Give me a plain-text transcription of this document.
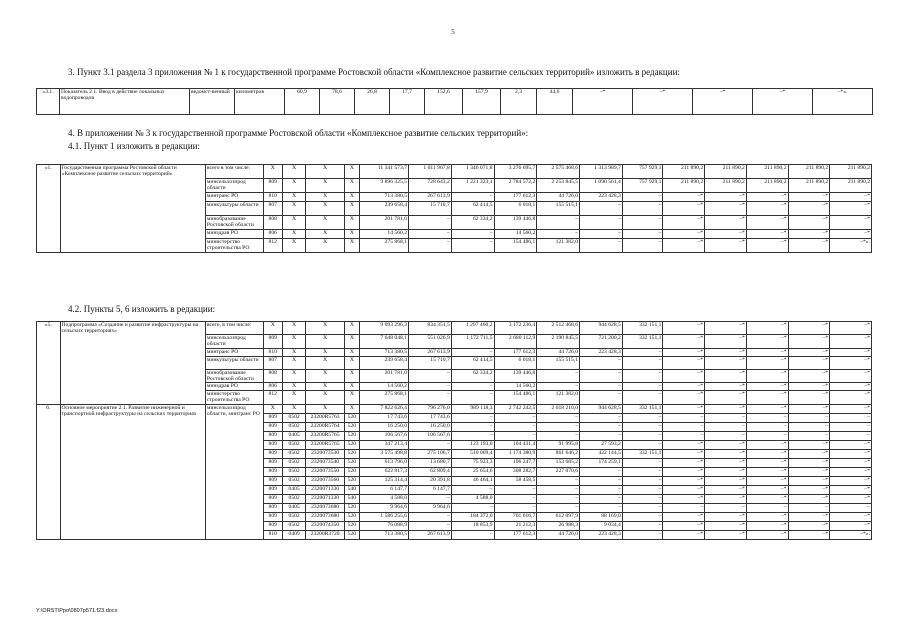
5
3. Пункт 3.1 раздела 3 приложения № 1 к государственной программе Ростовской области «Комплексное развитие сельских территорий» изложить в редакции:
«3.1.	Показатель 2.1. Ввод в действие локальных водопроводов	ведомст-венный	километров	60,9	78,6	26,8	17,7	152,6	157,9	2,3	44,6	–*	–*	–*	–*	–*».
4. В приложении № 3 к государственной программе Ростовской области «Комплексное развитие сельских территорий»:
4.1. Пункт 1 изложить в редакции:
«1.	Государственная программа Ростовской области «Комплексное развитие сельских территорий»	всего в том числе:	X	X	X	X	11 341 573,7	1 011 967,8	1 346 071,8	3 276 695,7	2 575 468,6	1 313 989,7	757 929,1	211 890,2	211 890,2	211 890,2	211 890,2	211 890,2
		минсельхозпрод области	809	X	X	X	9 896 325,5	728 643,2	1 221 323,1	2 784 572,2	2 253 845,5	1 090 561,4	757 929,1	211 890,2	211 890,2	211 890,2	211 890,2	211 890,2
		минтранс РО	810	X	X	X	713 380,5	267 613,9	–	177 612,3	44 726,0	223 428,3	–	–*	–*	–*	–*	–*
		минкультуры области	807	X	X	X	239 658,4	15 710,7	62 414,5	6 018,1	155 515,1	–	–	–*	–*	–*	–*	–*
		минобразование Ростовской области	808	X	X	X	201 781,0	–	62 334,2	139 446,8	–	–	–	–*	–*	–*	–*	–*
		минздрав РО	806	X	X	X	14 560,2	–	–	14 560,2	–	–	–	–*	–*	–*	–*	–*
		министерство строительства РО	812	X	X	X	275 868,1	–	–	154 486,1	121 382,0	–	–	–*	–*	–*	–*	–*».
4.2. Пункты 5, 6 изложить в редакции:
«5.	Подпрограмма «Создание и развитие инфраструктуры на сельских территориях»	всего, в том числе:	X	X	X	X	9 093 296,3	834 351,5	1 297 460,2	3 172 236,4	2 512 468,6	944 628,5	332 151,1	–*	–*	–*	–*	–*
		минсельхозпрод области	809	X	X	X	7 648 048,1	551 026,9	1 172 711,5	2 680 112,9	2 190 845,5	721 200,2	332 151,1	–*	–*	–*	–*	–*
		минтранс РО	810	X	X	X	713 380,5	267 613,9	–	177 612,3	44 726,0	223 428,3	–	–*	–*	–*	–*	–*
		минкультуры области	807	X	X	X	239 658,4	15 710,7	62 414,5	6 018,1	155 515,1	–	–	–*	–*	–*	–*	–*
		минобразование Ростовской области	808	X	X	X	201 781,0	–	62 334,2	139 446,8	–	–	–	–*	–*	–*	–*	–*
		минздрав РО	806	X	X	X	14 560,2	–	–	14 560,2	–	–	–	–*	–*	–*	–*	–*
		министерство строительства РО	812	X	X	X	275 868,1	–	–	154 486,1	121 382,0	–	–	–*	–*	–*	–*	–*
6.	Основное мероприятие 2.1. Развитие инженерной и транспортной инфраструктуры на сельских территориях	минсельхозпрод области, минтранс РО	X	X	X	X	7 822 626,4	796 276,0	989 118,3	2 742 242,5	2 018 210,0	944 628,5	332 151,1	–*	–*	–*	–*	–*
			809	0502	23200R5763	520	17 743,6	17 743,6	–	–	–	–	–	–	–	–	–	–
			809	0502	23200R5764	520	16 250,0	16 250,0	–	–	–	–	–	–	–	–	–	–
			809	0405	23200R5765	520	106 567,6	106 567,6	–	–	–	–	–	–	–	–	–	–
			809	0502	23200R5765	520	347 213,4	–	123 193,0	104 431,4	91 995,8	27 593,2	–	–*	–*	–*	–*	–*
			809	0502	2320073530	520	3 575 498,8	275 106,7	510 069,4	1 174 380,9	861 646,2	422 144,5	332 151,1	–*	–*	–*	–*	–*
			809	0502	2320073540	520	613 796,0	13 680,7	75 923,3	196 247,7	153 685,2	174 259,1	–	–*	–*	–*	–*	–*
			809	0502	2320073550	520	622 817,3	62 809,4	25 654,6	308 282,7	227 070,6	–	–	–*	–*	–*	–*	–*
			809	0502	2320073560	520	125 314,4	20 391,8	46 464,1	58 458,5	–	–	–	–*	–*	–*	–*	–*
			809	0405	2320071330	540	6 147,7	6 147,7	–	–	–	–	–	–*	–*	–*	–*	–*
			809	0502	2320071330	540	4 588,0	–	4 588,0	–	–	–	–	–*	–*	–*	–*	–*
			809	0405	2320073680	520	9 964,6	9 964,6	–	–	–	–	–	–	–	–	–	–
			809	0502	2320073680	520	1 586 255,6	–	184 372,0	701 616,7	612 097,9	88 169,0	–	–*	–*	–*	–*	–*
			809	0502	2320074350	520	76 088,9	–	18 853,9	21 212,3	26 988,3	9 034,4	–	–*	–*	–*	–*	–*
			810	0409	23200R3720	520	713 380,5	267 613,9	–	177 612,3	44 726,0	223 428,3	–	–*	–*	–*	–*	–*».
Y:\ORST\Ppo\0807p571.f23.docx
